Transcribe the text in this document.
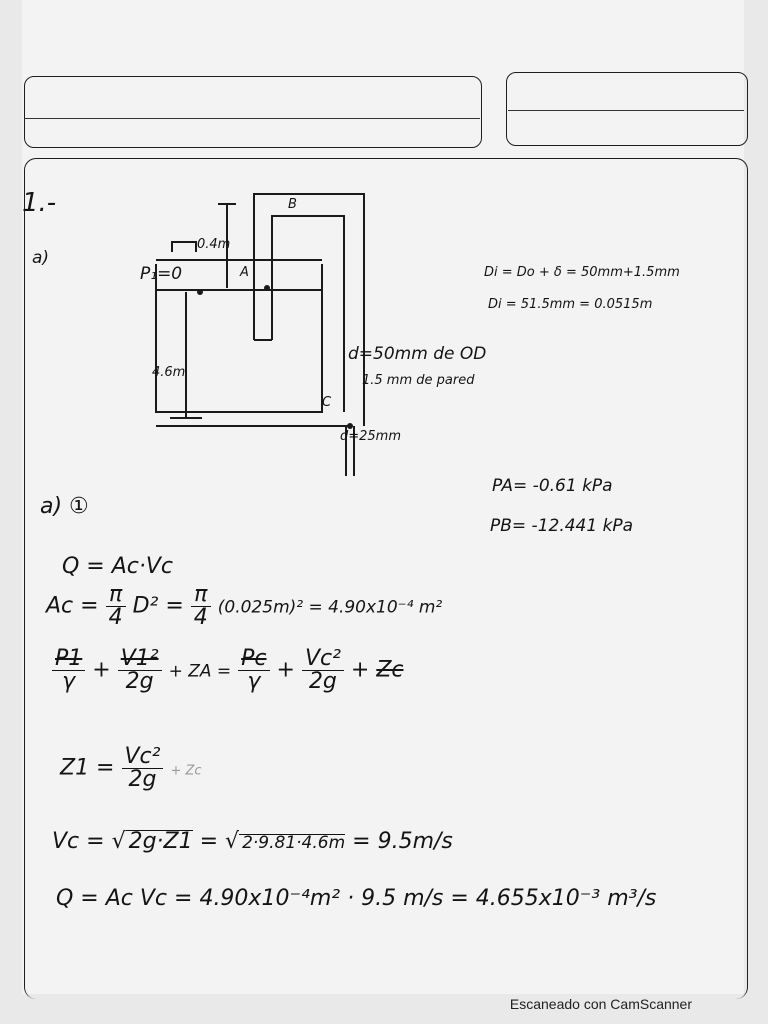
1.-
a)
B
0.4m
P₁=0	A
4.6m
C
d=25mm
d=50mm de OD
1.5 mm de pared
Di = Do + δ = 50mm+1.5mm
Di = 51.5mm = 0.0515m
PA= -0.61 kPa
PB= -12.441 kPa
a) ①
Q = Ac·Vc
$Ac = \frac{\pi}{4} D^2 = \frac{\pi}{4} (0.025m)^2 = 4.90x10^{-4}$ m²
$\frac{P1}{\gamma} + \frac{\text{V1²}}{2g}$ + ZA = $\frac{Pc}{\gamma} + \frac{\text{Vc²}}{2g} + Zc$
$Z1 = \frac{\text{Vc²}}{2g} + Zc$
Vc = √ 2g·Z1 = √ 2·9.81·4.6m = 9.5m/s
Q = Ac Vc = 4.90x10⁻⁴m² · 9.5 m/s = 4.655x10⁻³ m³/s
Escaneado con CamScanner
